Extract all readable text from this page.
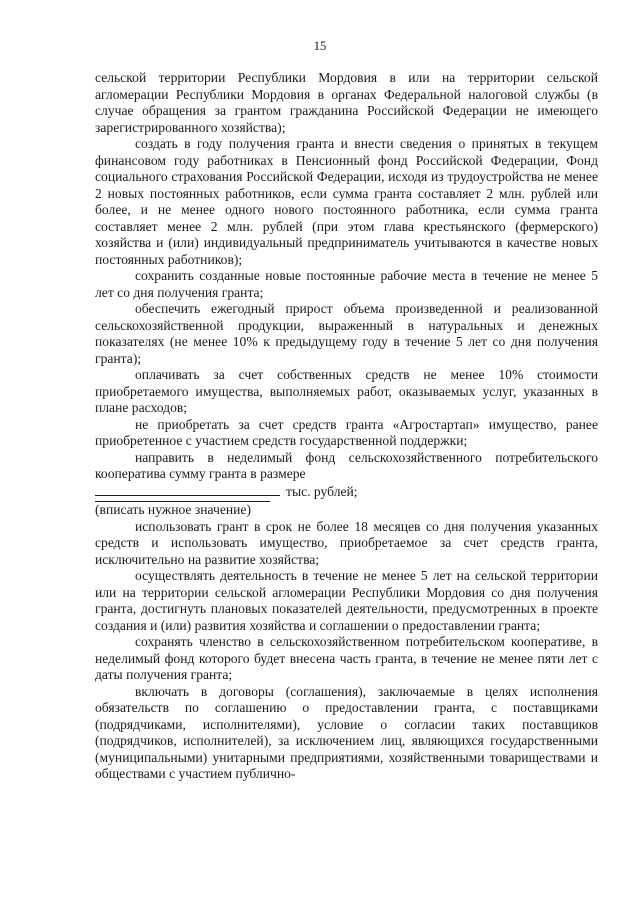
15

сельской территории Республики Мордовия в или на территории сельской агломерации Республики Мордовия в органах Федеральной налоговой службы (в случае обращения за грантом гражданина Российской Федерации не имеющего зарегистрированного хозяйства);

создать в году получения гранта и внести сведения о принятых в текущем финансовом году работниках в Пенсионный фонд Российской Федерации, Фонд социального страхования Российской Федерации, исходя из трудоустройства не менее 2 новых постоянных работников, если сумма гранта составляет 2 млн. рублей или более, и не менее одного нового постоянного работника, если сумма гранта составляет менее 2 млн. рублей (при этом глава крестьянского (фермерского) хозяйства и (или) индивидуальный предприниматель учитываются в качестве новых постоянных работников);

сохранить созданные новые постоянные рабочие места в течение не менее 5 лет со дня получения гранта;

обеспечить ежегодный прирост объема произведенной и реализованной сельскохозяйственной продукции, выраженный в натуральных и денежных показателях (не менее 10% к предыдущему году в течение 5 лет со дня получения гранта);

оплачивать за счет собственных средств не менее 10% стоимости приобретаемого имущества, выполняемых работ, оказываемых услуг, указанных в плане расходов;

не приобретать за счет средств гранта «Агростартап» имущество, ранее приобретенное с участием средств государственной поддержки;

направить в неделимый фонд сельскохозяйственного потребительского кооператива сумму гранта в размере

тыс. рублей;
(вписать нужное значение)

использовать грант в срок не более 18 месяцев со дня получения указанных средств и использовать имущество, приобретаемое за счет средств гранта, исключительно на развитие хозяйства;

осуществлять деятельность в течение не менее 5 лет на сельской территории или на территории сельской агломерации Республики Мордовия со дня получения гранта, достигнуть плановых показателей деятельности, предусмотренных в проекте создания и (или) развития хозяйства и соглашении о предоставлении гранта;

сохранять членство в сельскохозяйственном потребительском кооперативе, в неделимый фонд которого будет внесена часть гранта, в течение не менее пяти лет с даты получения гранта;

включать в договоры (соглашения), заключаемые в целях исполнения обязательств по соглашению о предоставлении гранта, с поставщиками (подрядчиками, исполнителями), условие о согласии таких поставщиков (подрядчиков, исполнителей), за исключением лиц, являющихся государственными (муниципальными) унитарными предприятиями, хозяйственными товариществами и обществами с участием публично-
